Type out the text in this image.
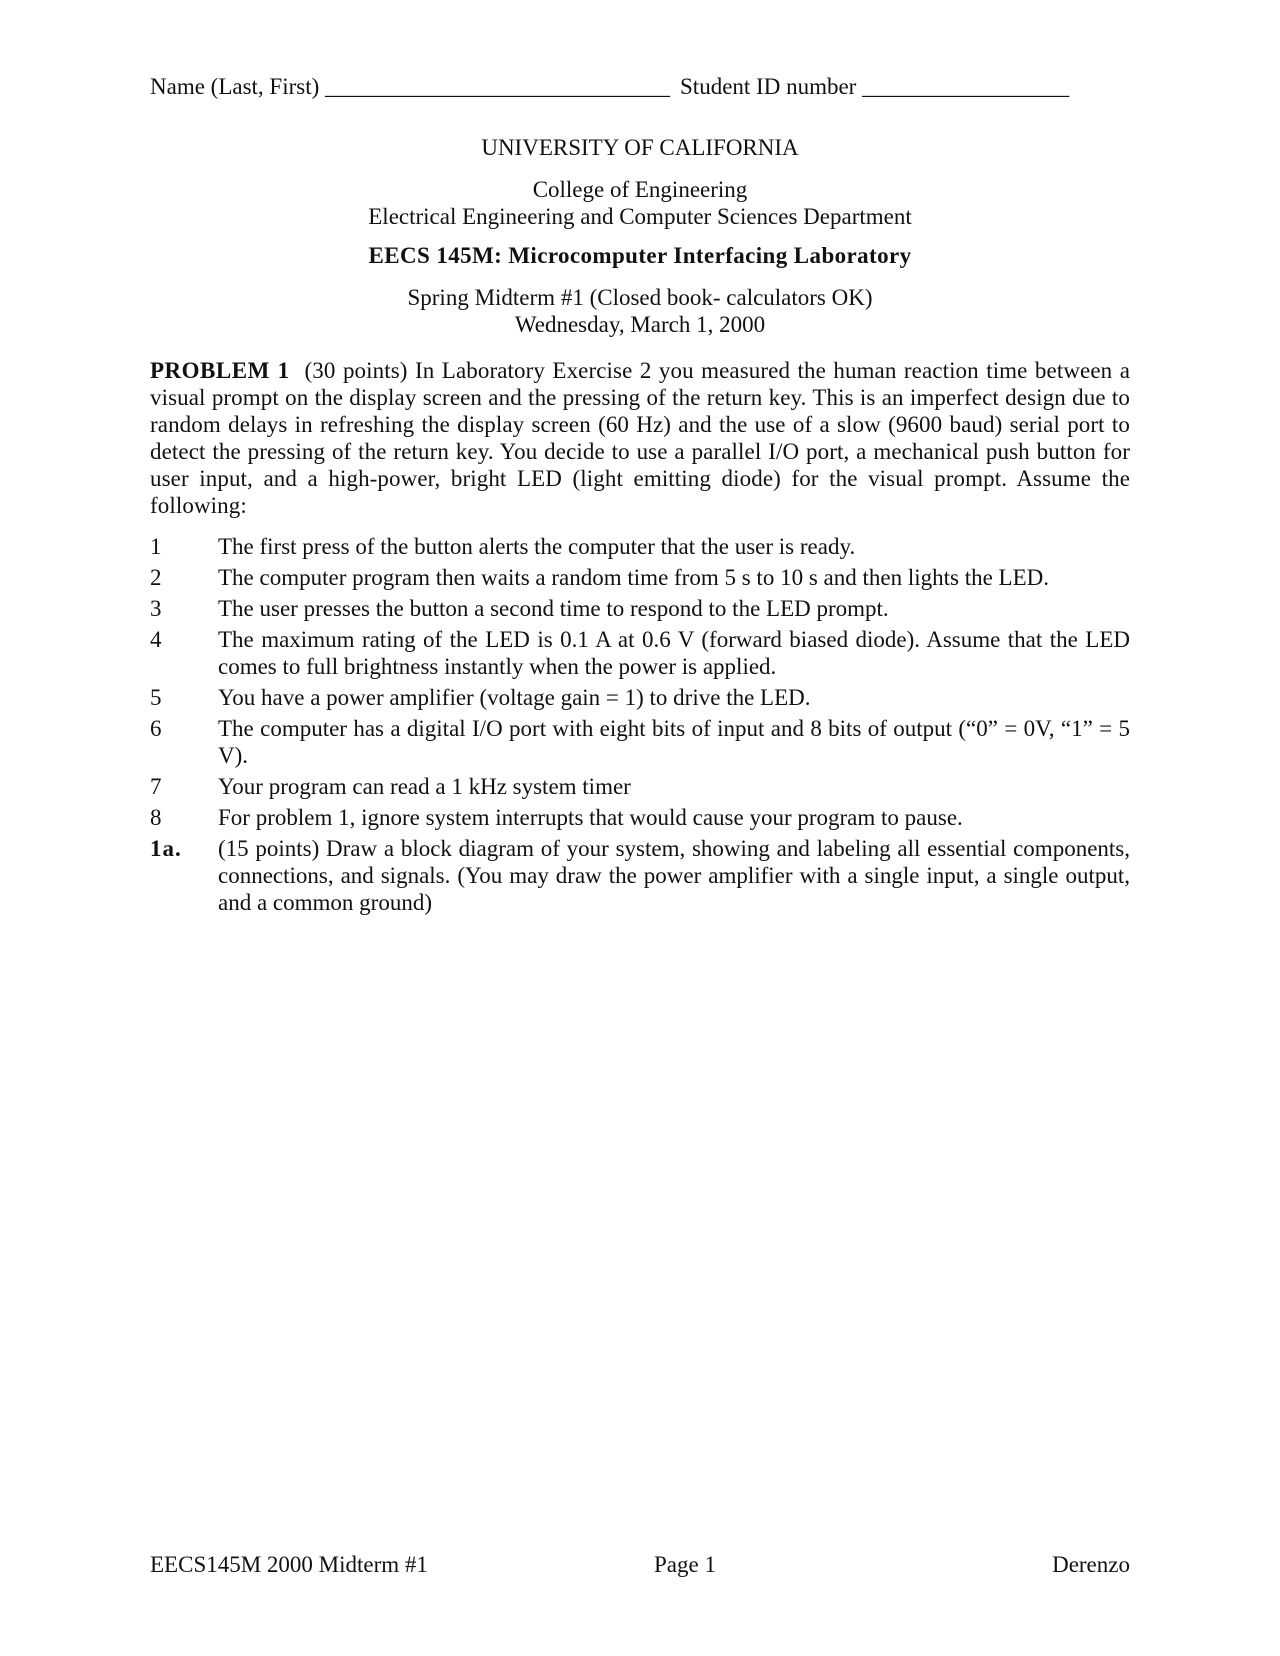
Name (Last, First) ______________________________ Student ID number __________________
UNIVERSITY OF CALIFORNIA
College of Engineering
Electrical Engineering and Computer Sciences Department
EECS 145M: Microcomputer Interfacing Laboratory
Spring Midterm #1 (Closed book- calculators OK)
Wednesday, March 1, 2000
PROBLEM 1 (30 points) In Laboratory Exercise 2 you measured the human reaction time between a visual prompt on the display screen and the pressing of the return key. This is an imperfect design due to random delays in refreshing the display screen (60 Hz) and the use of a slow (9600 baud) serial port to detect the pressing of the return key. You decide to use a parallel I/O port, a mechanical push button for user input, and a high-power, bright LED (light emitting diode) for the visual prompt. Assume the following:
1	The first press of the button alerts the computer that the user is ready.
2	The computer program then waits a random time from 5 s to 10 s and then lights the LED.
3	The user presses the button a second time to respond to the LED prompt.
4	The maximum rating of the LED is 0.1 A at 0.6 V (forward biased diode). Assume that the LED comes to full brightness instantly when the power is applied.
5	You have a power amplifier (voltage gain = 1) to drive the LED.
6	The computer has a digital I/O port with eight bits of input and 8 bits of output (“0” = 0V, “1” = 5 V).
7	Your program can read a 1 kHz system timer
8	For problem 1, ignore system interrupts that would cause your program to pause.
1a.	(15 points) Draw a block diagram of your system, showing and labeling all essential components, connections, and signals. (You may draw the power amplifier with a single input, a single output, and a common ground)
EECS145M 2000 Midterm #1	Page 1	Derenzo
